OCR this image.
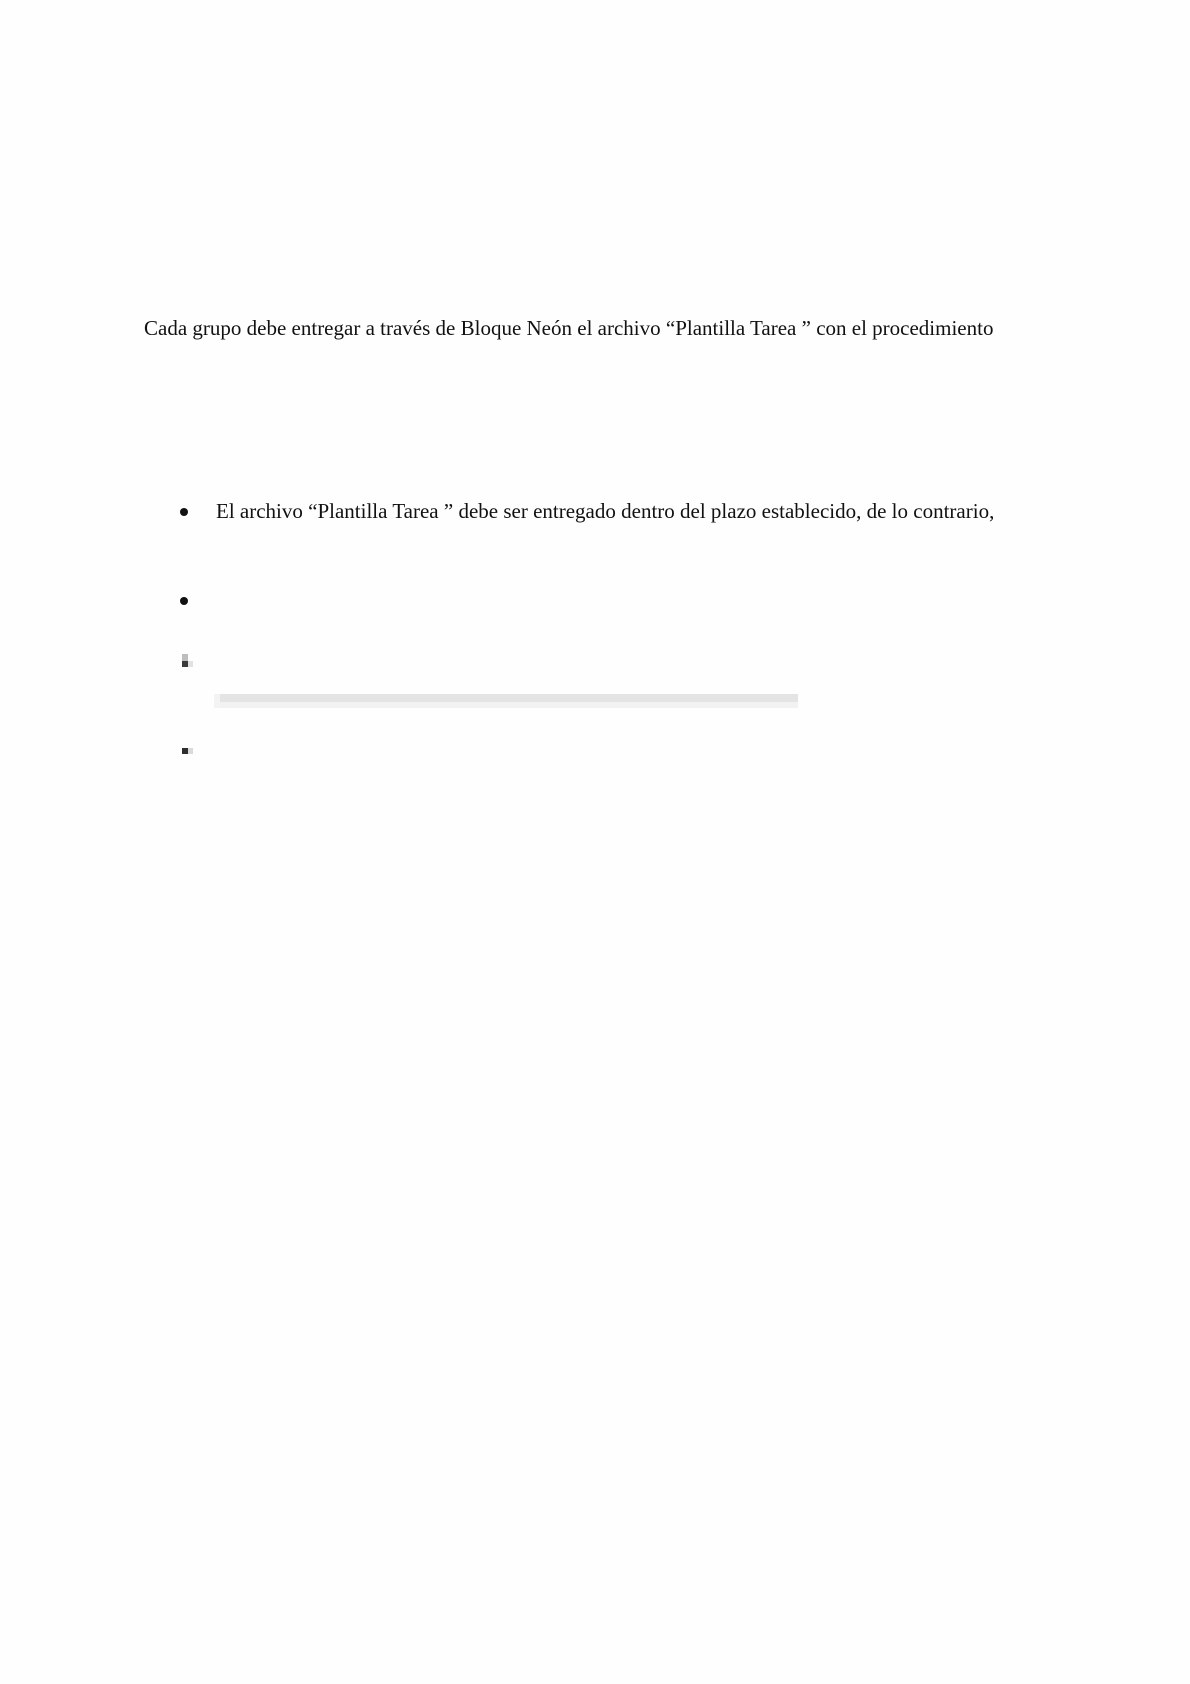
Cada grupo debe entregar a través de Bloque Neón el archivo “Plantilla Tarea ” con el procedimiento

El archivo “Plantilla Tarea ” debe ser entregado dentro del plazo establecido, de lo contrario,
